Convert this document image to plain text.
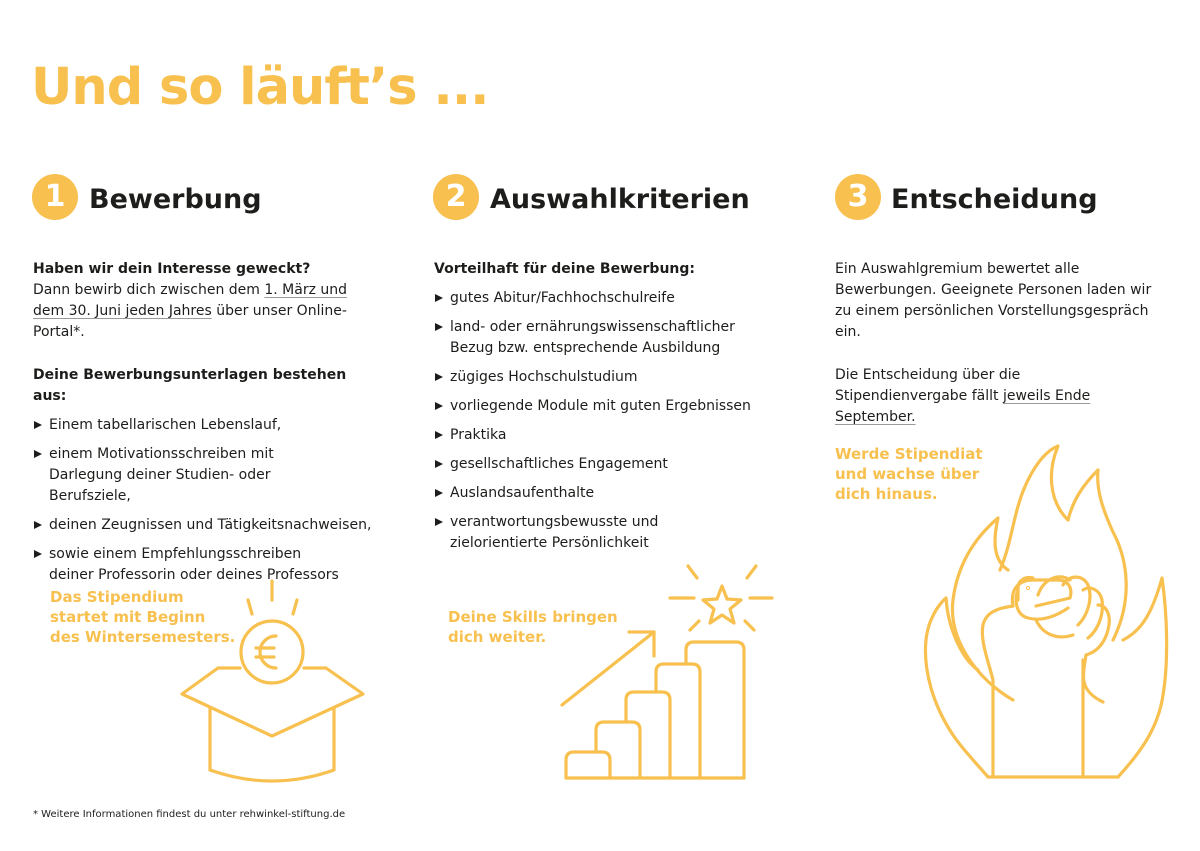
Und so läuft’s ...
1 Bewerbung

Haben wir dein Interesse geweckt?

Dann bewirb dich zwischen dem 1. März und dem 30. Juni jeden Jahres über unser Online-Portal*.

Deine Bewerbungsunterlagen bestehen aus:

Einem tabellarischen Lebenslauf,
einem Motivationsschreiben mit Darlegung deiner Studien- oder Berufsziele,
deinen Zeugnissen und Tätigkeitsnachweisen,
sowie einem Empfehlungsschreiben deiner Professorin oder deines Professors
Das Stipendium startet mit Beginn des Wintersemesters.
2 Auswahlkriterien

Vorteilhaft für deine Bewerbung:

gutes Abitur/Fachhochschulreife
land- oder ernährungswissenschaftlicher Bezug bzw. entsprechende Ausbildung
zügiges Hochschulstudium
vorliegende Module mit guten Ergebnissen
Praktika
gesellschaftliches Engagement
Auslandsaufenthalte
verantwortungsbewusste und zielorientierte Persönlichkeit
Deine Skills bringen dich weiter.
3 Entscheidung

Ein Auswahlgremium bewertet alle Bewerbungen. Geeignete Personen laden wir zu einem persönlichen Vorstellungsgespräch ein.

Die Entscheidung über die Stipendienvergabe fällt jeweils Ende September.

Werde Stipendiat und wachse über dich hinaus.
* Weitere Informationen findest du unter rehwinkel-stiftung.de
